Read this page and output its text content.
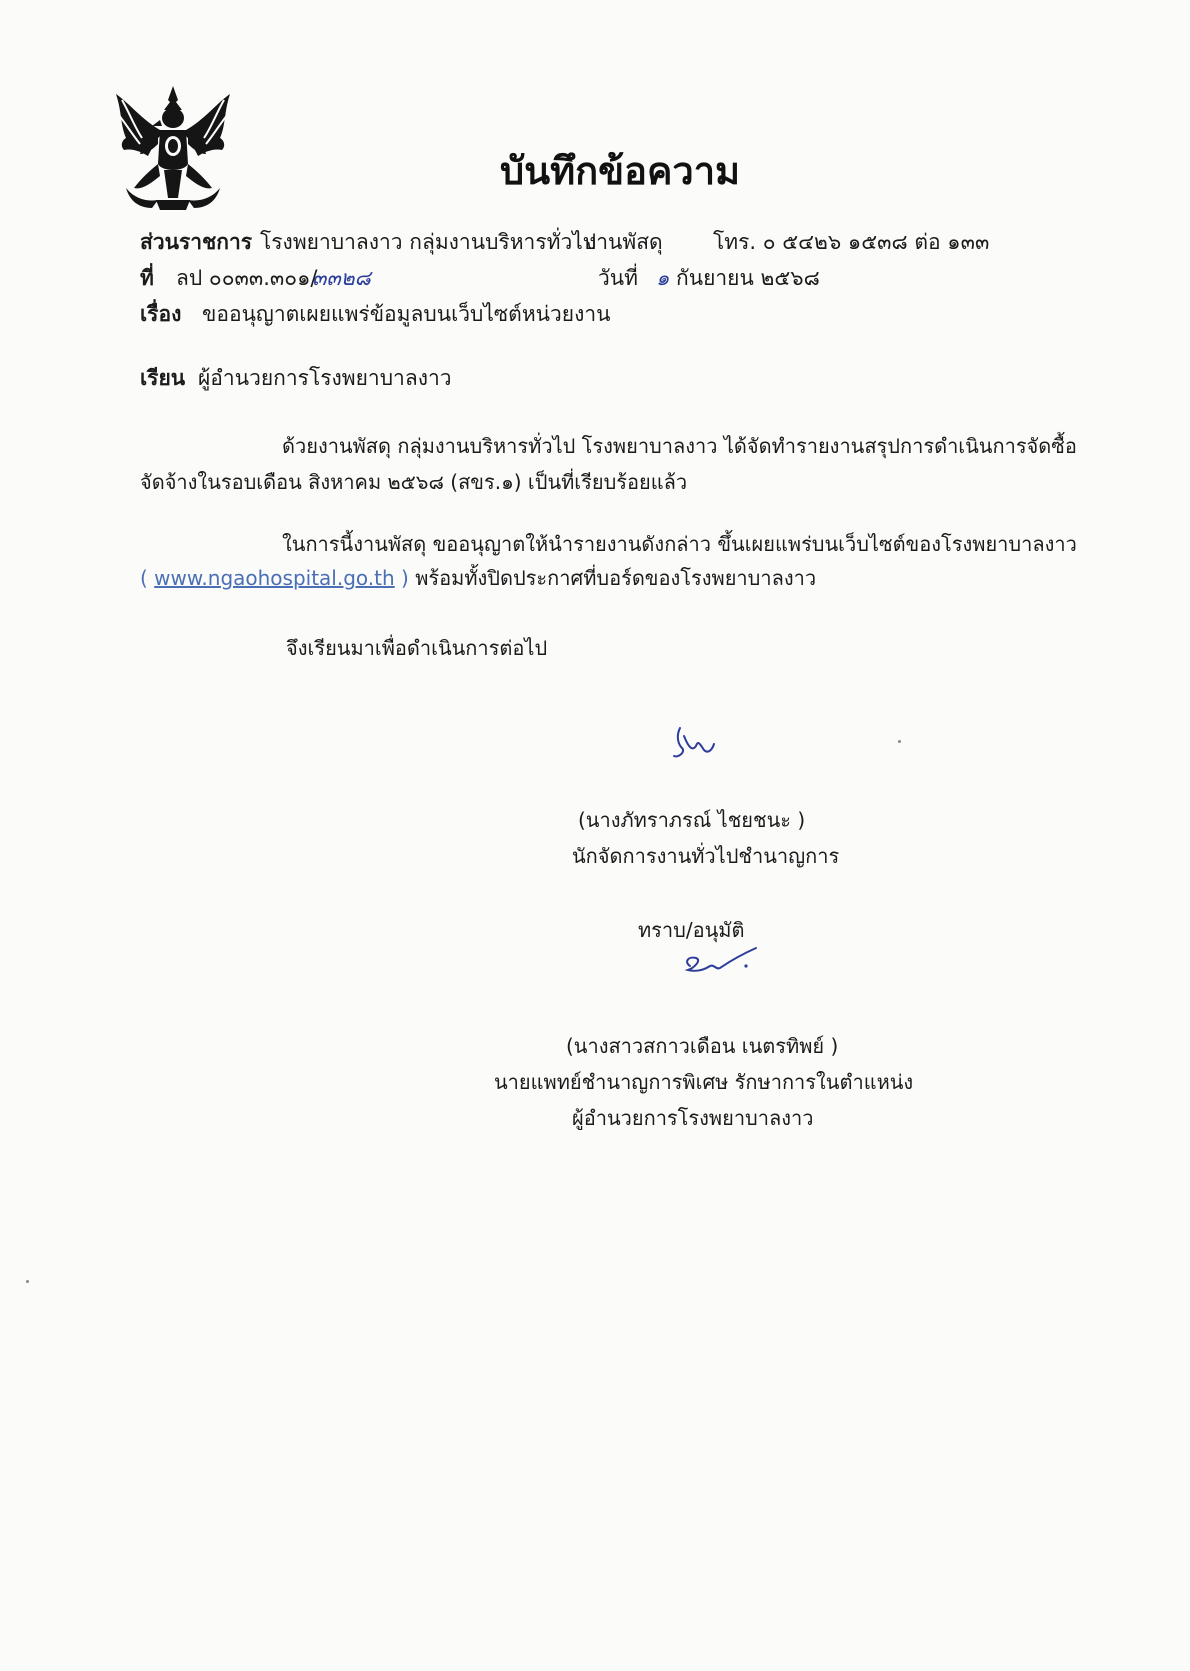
บันทึกข้อความ
ส่วนราชการ โรงพยาบาลงาว กลุ่มงานบริหารทั่วไป
งานพัสดุ โทร. ๐ ๕๔๒๖ ๑๕๓๘ ต่อ ๑๓๓
ที่ ลป ๐๐๓๓.๓๐๑/
๓๓๒๘	วันที่ ๑ กันยายน ๒๕๖๘
เรื่อง ขออนุญาตเผยแพร่ข้อมูลบนเว็บไซต์หน่วยงาน
เรียน ผู้อำนวยการโรงพยาบาลงาว
ด้วยงานพัสดุ กลุ่มงานบริหารทั่วไป โรงพยาบาลงาว ได้จัดทำรายงานสรุปการดำเนินการจัดซื้อ
จัดจ้างในรอบเดือน สิงหาคม ๒๕๖๘ (สขร.๑) เป็นที่เรียบร้อยแล้ว
ในการนี้งานพัสดุ ขออนุญาตให้นำรายงานดังกล่าว ขึ้นเผยแพร่บนเว็บไซต์ของโรงพยาบาลงาว
( www.ngaohospital.go.th ) พร้อมทั้งปิดประกาศที่บอร์ดของโรงพยาบาลงาว
จึงเรียนมาเพื่อดำเนินการต่อไป
(นางภัทราภรณ์ ไชยชนะ )
นักจัดการงานทั่วไปชำนาญการ
ทราบ/อนุมัติ
(นางสาวสกาวเดือน เนตรทิพย์ )
นายแพทย์ชำนาญการพิเศษ รักษาการในตำแหน่ง
ผู้อำนวยการโรงพยาบาลงาว
